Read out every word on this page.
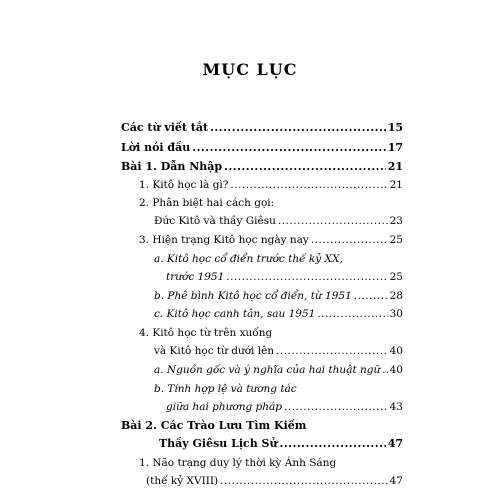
MỤC LỤC
Các từ viết tắt .....	15
Lời nói đầu .....	17
Bài 1. Dẫn Nhập .....	21
1. Kitô học là gì? .....	21
2. Phân biệt hai cách gọi:
Đức Kitô và thầy Giêsu .....	23
3. Hiện trạng Kitô học ngày nay .....	25
a. Kitô học cổ điển trước thế kỷ XX,
trước 1951 .....	25
b. Phê bình Kitô học cổ điển, từ 1951 .....	28
c. Kitô học canh tân, sau 1951 .....	30
4. Kitô học từ trên xuống
và Kitô học từ dưới lên .....	40
a. Nguồn gốc và ý nghĩa của hai thuật ngữ ..... 40
b. Tính hợp lệ và tương tác
giữa hai phương pháp .....	43
Bài 2. Các Trào Lưu Tìm Kiếm
Thầy Giêsu Lịch Sử .....	47
1. Não trạng duy lý thời kỳ Ánh Sáng
(thế kỷ XVIII) .....	47
